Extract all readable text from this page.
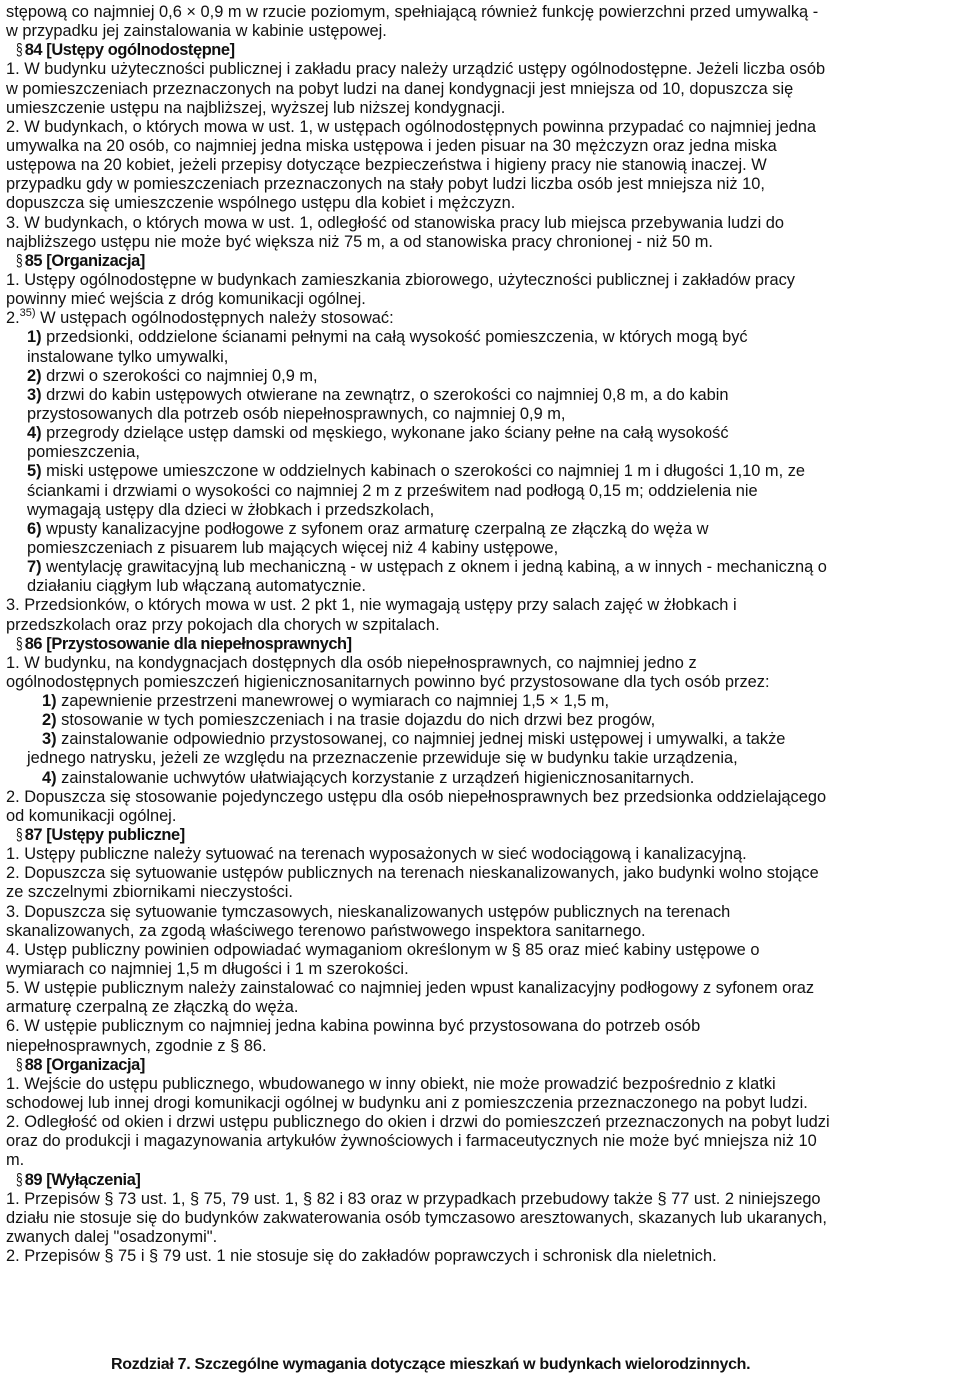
stępową co najmniej 0,6 × 0,9 m w rzucie poziomym, spełniającą również funkcję powierzchni przed umywalką -
w przypadku jej zainstalowania w kabinie ustępowej.
§84 [Ustępy ogólnodostępne]
1. W budynku użyteczności publicznej i zakładu pracy należy urządzić ustępy ogólnodostępne. Jeżeli liczba osób
w pomieszczeniach przeznaczonych na pobyt ludzi na danej kondygnacji jest mniejsza od 10, dopuszcza się
umieszczenie ustępu na najbliższej, wyższej lub niższej kondygnacji.
2. W budynkach, o których mowa w ust. 1, w ustępach ogólnodostępnych powinna przypadać co najmniej jedna
umywalka na 20 osób, co najmniej jedna miska ustępowa i jeden pisuar na 30 mężczyzn oraz jedna miska
ustępowa na 20 kobiet, jeżeli przepisy dotyczące bezpieczeństwa i higieny pracy nie stanowią inaczej. W
przypadku gdy w pomieszczeniach przeznaczonych na stały pobyt ludzi liczba osób jest mniejsza niż 10,
dopuszcza się umieszczenie wspólnego ustępu dla kobiet i mężczyzn.
3. W budynkach, o których mowa w ust. 1, odległość od stanowiska pracy lub miejsca przebywania ludzi do
najbliższego ustępu nie może być większa niż 75 m, a od stanowiska pracy chronionej - niż 50 m.
§85 [Organizacja]
1. Ustępy ogólnodostępne w budynkach zamieszkania zbiorowego, użyteczności publicznej i zakładów pracy
powinny mieć wejścia z dróg komunikacji ogólnej.
2.$^{35)}$ W ustępach ogólnodostępnych należy stosować:
1) przedsionki, oddzielone ścianami pełnymi na całą wysokość pomieszczenia, w których mogą być
instalowane tylko umywalki,
2) drzwi o szerokości co najmniej 0,9 m,
3) drzwi do kabin ustępowych otwierane na zewnątrz, o szerokości co najmniej 0,8 m, a do kabin
przystosowanych dla potrzeb osób niepełnosprawnych, co najmniej 0,9 m,
4) przegrody dzielące ustęp damski od męskiego, wykonane jako ściany pełne na całą wysokość
pomieszczenia,
5) miski ustępowe umieszczone w oddzielnych kabinach o szerokości co najmniej 1 m i długości 1,10 m, ze
ściankami i drzwiami o wysokości co najmniej 2 m z prześwitem nad podłogą 0,15 m; oddzielenia nie
wymagają ustępy dla dzieci w żłobkach i przedszkolach,
6) wpusty kanalizacyjne podłogowe z syfonem oraz armaturę czerpalną ze złączką do węża w
pomieszczeniach z pisuarem lub mających więcej niż 4 kabiny ustępowe,
7) wentylację grawitacyjną lub mechaniczną - w ustępach z oknem i jedną kabiną, a w innych - mechaniczną o
działaniu ciągłym lub włączaną automatycznie.
3. Przedsionków, o których mowa w ust. 2 pkt 1, nie wymagają ustępy przy salach zajęć w żłobkach i
przedszkolach oraz przy pokojach dla chorych w szpitalach.
§86 [Przystosowanie dla niepełnosprawnych]
1. W budynku, na kondygnacjach dostępnych dla osób niepełnosprawnych, co najmniej jedno z
ogólnodostępnych pomieszczeń higienicznosanitarnych powinno być przystosowane dla tych osób przez:
1) zapewnienie przestrzeni manewrowej o wymiarach co najmniej 1,5 × 1,5 m,
2) stosowanie w tych pomieszczeniach i na trasie dojazdu do nich drzwi bez progów,
3) zainstalowanie odpowiednio przystosowanej, co najmniej jednej miski ustępowej i umywalki, a także
jednego natrysku, jeżeli ze względu na przeznaczenie przewiduje się w budynku takie urządzenia,
4) zainstalowanie uchwytów ułatwiających korzystanie z urządzeń higienicznosanitarnych.
2. Dopuszcza się stosowanie pojedynczego ustępu dla osób niepełnosprawnych bez przedsionka oddzielającego
od komunikacji ogólnej.
§87 [Ustępy publiczne]
1. Ustępy publiczne należy sytuować na terenach wyposażonych w sieć wodociągową i kanalizacyjną.
2. Dopuszcza się sytuowanie ustępów publicznych na terenach nieskanalizowanych, jako budynki wolno stojące
ze szczelnymi zbiornikami nieczystości.
3. Dopuszcza się sytuowanie tymczasowych, nieskanalizowanych ustępów publicznych na terenach
skanalizowanych, za zgodą właściwego terenowo państwowego inspektora sanitarnego.
4. Ustęp publiczny powinien odpowiadać wymaganiom określonym w § 85 oraz mieć kabiny ustępowe o
wymiarach co najmniej 1,5 m długości i 1 m szerokości.
5. W ustępie publicznym należy zainstalować co najmniej jeden wpust kanalizacyjny podłogowy z syfonem oraz
armaturę czerpalną ze złączką do węża.
6. W ustępie publicznym co najmniej jedna kabina powinna być przystosowana do potrzeb osób
niepełnosprawnych, zgodnie z § 86.
§88 [Organizacja]
1. Wejście do ustępu publicznego, wbudowanego w inny obiekt, nie może prowadzić bezpośrednio z klatki
schodowej lub innej drogi komunikacji ogólnej w budynku ani z pomieszczenia przeznaczonego na pobyt ludzi.
2. Odległość od okien i drzwi ustępu publicznego do okien i drzwi do pomieszczeń przeznaczonych na pobyt ludzi
oraz do produkcji i magazynowania artykułów żywnościowych i farmaceutycznych nie może być mniejsza niż 10
m.
§89 [Wyłączenia]
1. Przepisów § 73 ust. 1, § 75, 79 ust. 1, § 82 i 83 oraz w przypadkach przebudowy także § 77 ust. 2 niniejszego
działu nie stosuje się do budynków zakwaterowania osób tymczasowo aresztowanych, skazanych lub ukaranych,
zwanych dalej "osadzonymi".
2. Przepisów § 75 i § 79 ust. 1 nie stosuje się do zakładów poprawczych i schronisk dla nieletnich.
Rozdział 7. Szczególne wymagania dotyczące mieszkań w budynkach wielorodzinnych.
